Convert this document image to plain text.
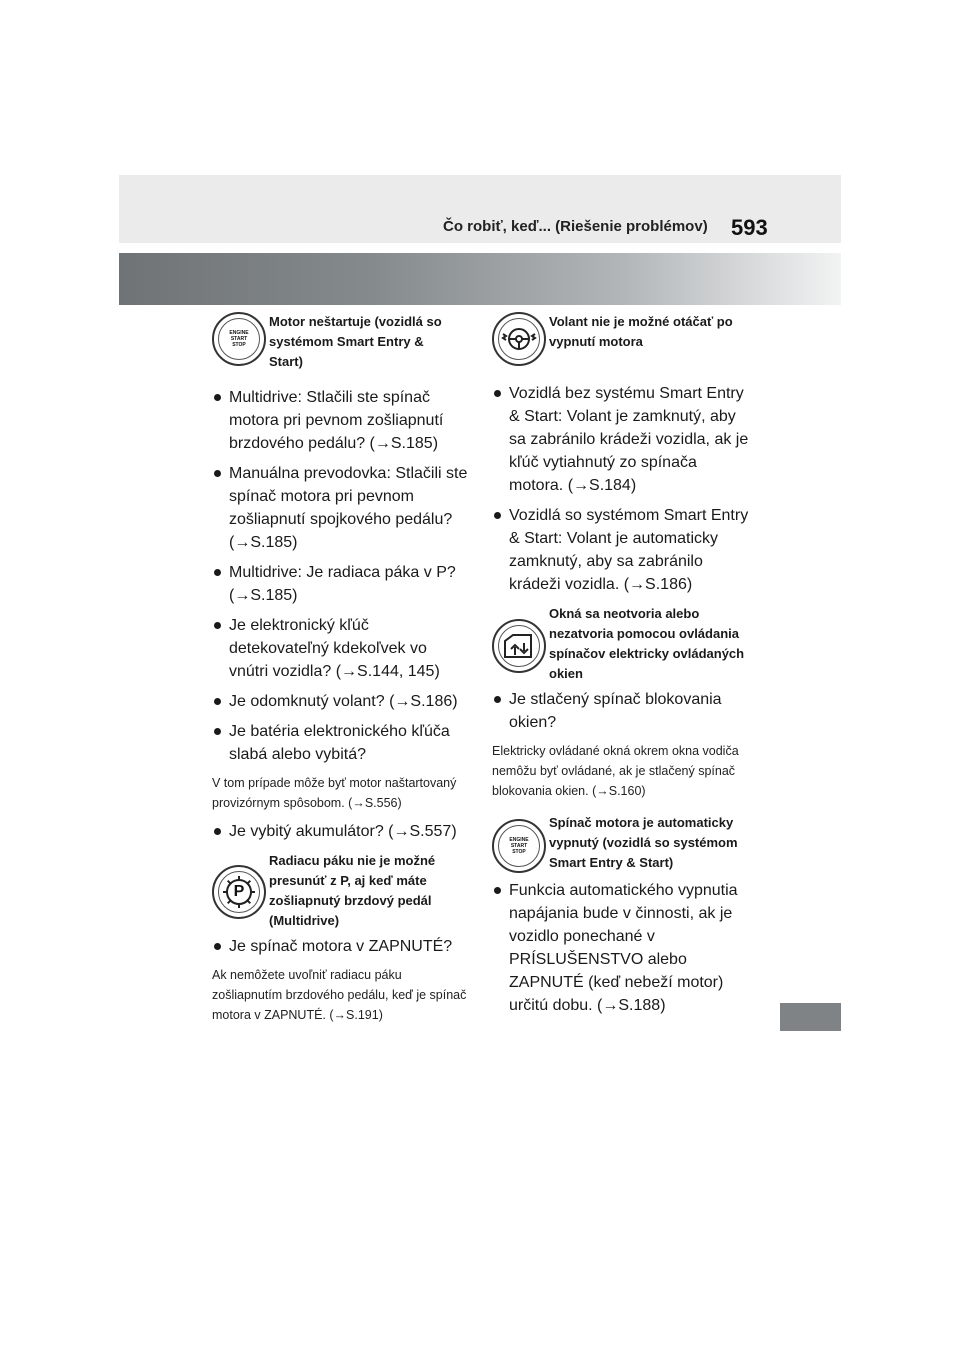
Čo robiť, keď... (Riešenie problémov) 593
ENGINE
START
STOP
Motor neštartuje (vozidlá so systémom Smart Entry & Start)
Multidrive: Stlačili ste spínač motora pri pevnom zošliapnutí brzdového pedálu? (→S.185)
Manuálna prevodovka: Stlačili ste spínač motora pri pevnom zošliapnutí spojkového pedálu? (→S.185)
Multidrive: Je radiaca páka v P? (→S.185)
Je elektronický kľúč detekovateľný kdekoľvek vo vnútri vozidla? (→S.144, 145)
Je odomknutý volant? (→S.186)
Je batéria elektronického kľúča slabá alebo vybitá?
V tom prípade môže byť motor naštartovaný provizórnym spôsobom. (→S.556)
Je vybitý akumulátor? (→S.557)
P
Radiacu páku nie je možné presunúť z P, aj keď máte zošliapnutý brzdový pedál (Multidrive)
Je spínač motora v ZAPNUTÉ?
Ak nemôžete uvoľniť radiacu páku zošliapnutím brzdového pedálu, keď je spínač motora v ZAPNUTÉ. (→S.191)
Volant nie je možné otáčať po vypnutí motora
Vozidlá bez systému Smart Entry & Start: Volant je zamknutý, aby sa zabránilo krádeži vozidla, ak je kľúč vytiahnutý zo spínača motora. (→S.184)
Vozidlá so systémom Smart Entry & Start: Volant je automaticky zamknutý, aby sa zabránilo krádeži vozidla. (→S.186)
Okná sa neotvoria alebo nezatvoria pomocou ovládania spínačov elektricky ovládaných okien
Je stlačený spínač blokovania okien?
Elektricky ovládané okná okrem okna vodiča nemôžu byť ovládané, ak je stlačený spínač blokovania okien. (→S.160)
ENGINE
START
STOP
Spínač motora je automaticky vypnutý (vozidlá so systémom Smart Entry & Start)
Funkcia automatického vypnutia napájania bude v činnosti, ak je vozidlo ponechané v PRÍSLUŠENSTVO alebo ZAPNUTÉ (keď nebeží motor) určitú dobu. (→S.188)
